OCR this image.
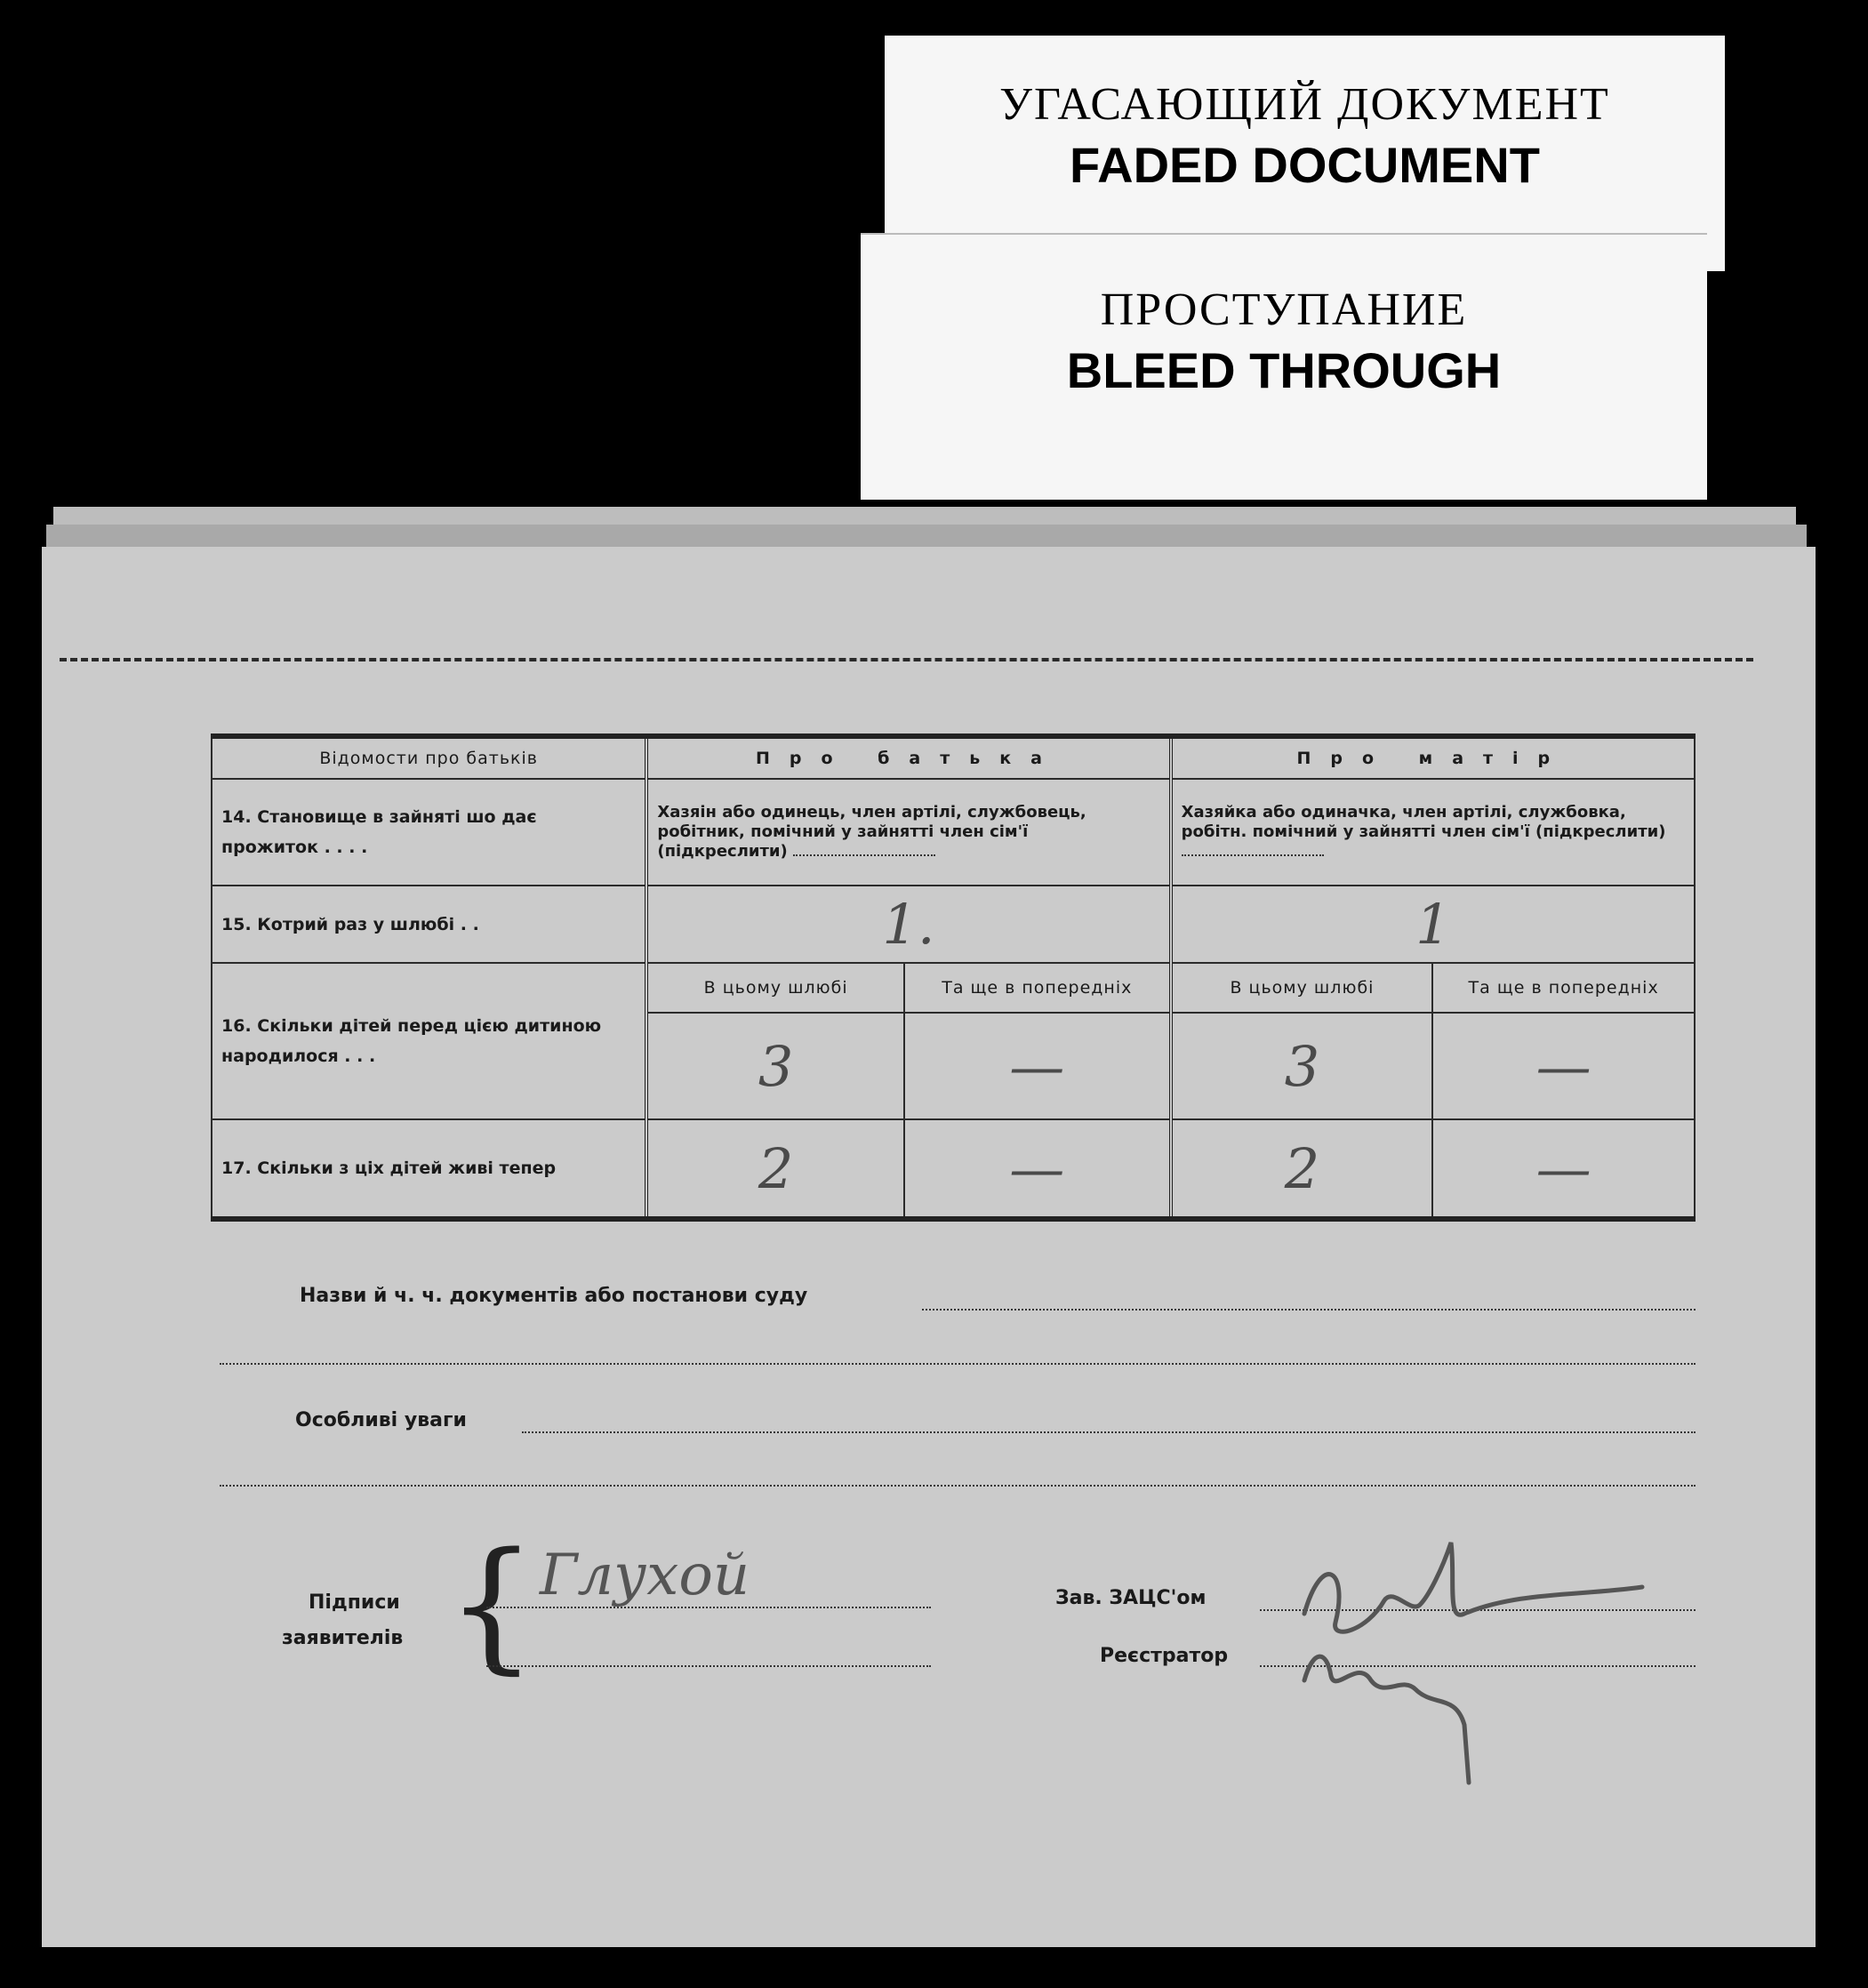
УГАСАЮЩИЙ ДОКУМЕНТ
FADED DOCUMENT
ПРОСТУПАНИЕ
BLEED THROUGH
Відомости про батьків	Про батька		Про матір	
14. Становище в зайняті шо дає прожиток . . . .	Хазяін або одинець, член артілі, службовець, робітник, помічний у зайнятті член сім'ї (підкреслити)		Хазяйка або одиначка, член артілі, службовка, робітн. помічний у зайнятті член сім'ї (підкреслити)	
15. Котрий раз у шлюбі . .	1.		1	
16. Скільки дітей перед цією дитиною народилося . . .	В цьому шлюбі	Та ще в попередніх	В цьому шлюбі	Та ще в попередніх
	3	—	3	—
17. Скільки з ціх дітей живі тепер	2	—	2	—
Назви й ч. ч. документів або постанови суду
Особливі уваги
Підписи
заявителів { Глухой	Зав. ЗАЦС'ом
Реєстратор
